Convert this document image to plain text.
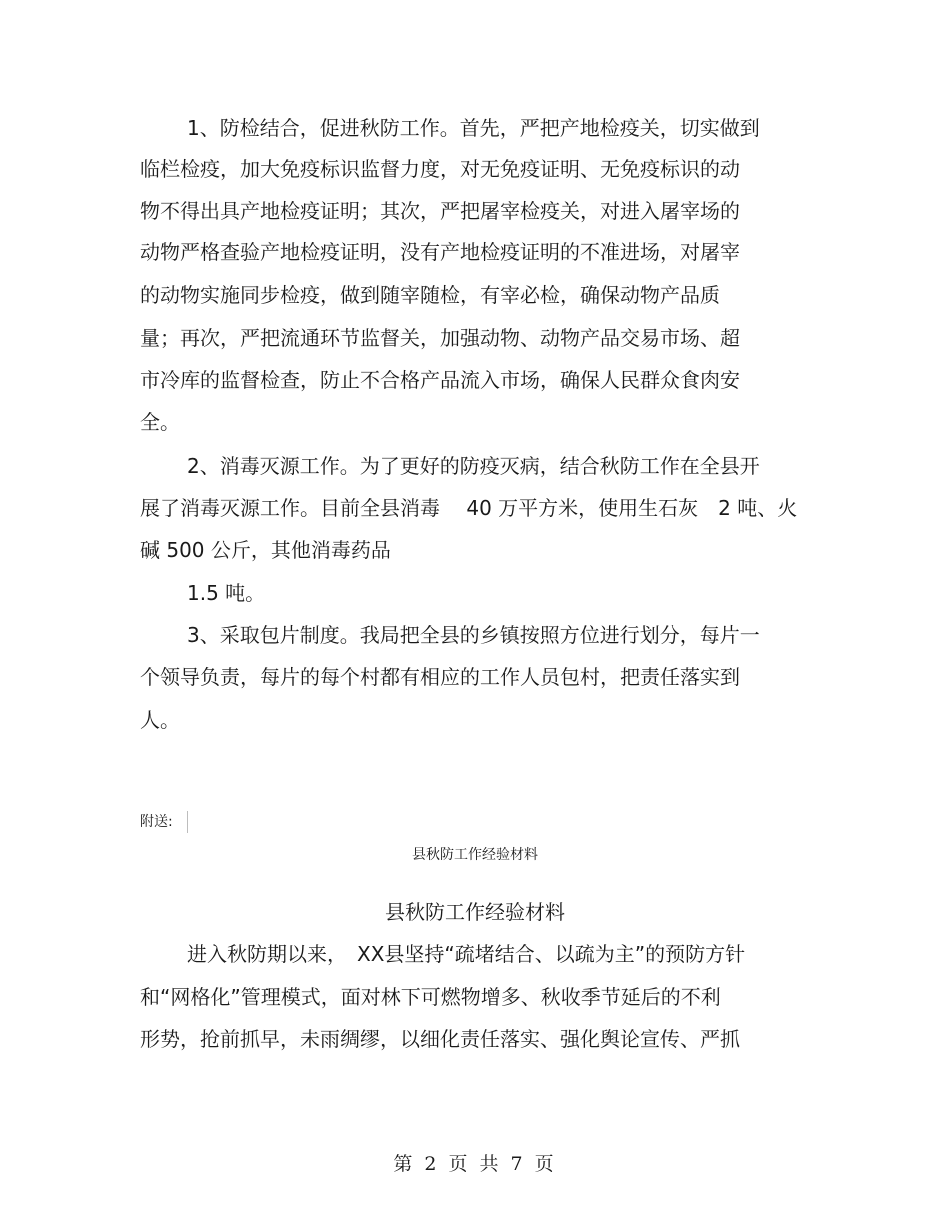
1、防检结合，促进秋防工作。首先，严把产地检疫关，切实做到

临栏检疫，加大免疫标识监督力度，对无免疫证明、无免疫标识的动

物不得出具产地检疫证明；其次，严把屠宰检疫关，对进入屠宰场的

动物严格查验产地检疫证明，没有产地检疫证明的不准进场，对屠宰

的动物实施同步检疫，做到随宰随检，有宰必检，确保动物产品质

量；再次，严把流通环节监督关，加强动物、动物产品交易市场、超

市冷库的监督检查，防止不合格产品流入市场，确保人民群众食肉安

全。

2、消毒灭源工作。为了更好的防疫灭病，结合秋防工作在全县开

展了消毒灭源工作。目前全县消毒　 40 万平方米，使用生石灰　2 吨、火

碱 500 公斤，其他消毒药品

1.5 吨。

3、采取包片制度。我局把全县的乡镇按照方位进行划分，每片一

个领导负责，每片的每个村都有相应的工作人员包村，把责任落实到

人。

附送:

县秋防工作经验材料

县秋防工作经验材料

进入秋防期以来，　XX县坚持“疏堵结合、以疏为主”的预防方针

和“网格化”管理模式，面对林下可燃物增多、秋收季节延后的不利

形势，抢前抓早，未雨绸缪，以细化责任落实、强化舆论宣传、严抓

第 2 页 共 7 页
